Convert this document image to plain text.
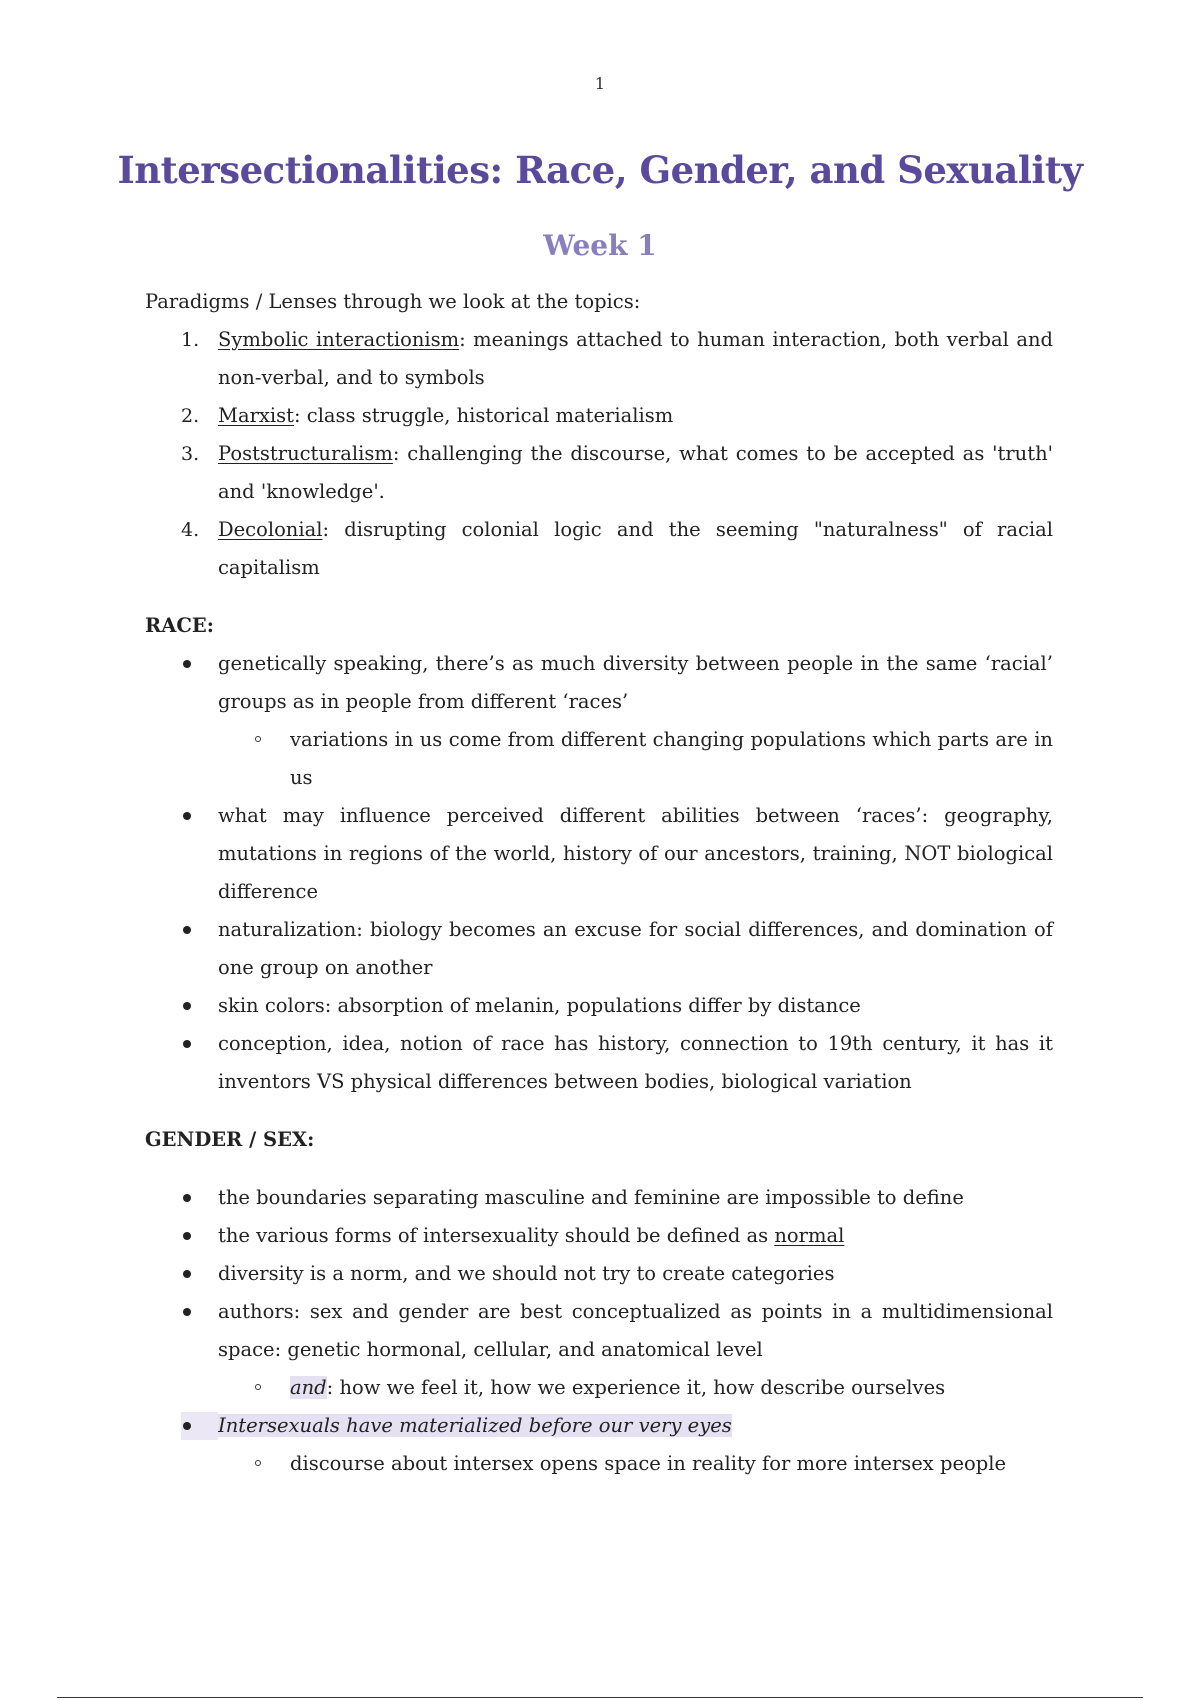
1
Intersectionalities: Race, Gender, and Sexuality
Week 1

Paradigms / Lenses through we look at the topics:

1. Symbolic interactionism: meanings attached to human interaction, both verbal and non-verbal, and to symbols
2. Marxist: class struggle, historical materialism
3. Poststructuralism: challenging the discourse, what comes to be accepted as 'truth' and 'knowledge'.
4. Decolonial: disrupting colonial logic and the seeming "naturalness" of racial capitalism

RACE:

genetically speaking, there’s as much diversity between people in the same ‘racial’ groups as in people from different ‘races’
variations in us come from different changing populations which parts are in us
what may influence perceived different abilities between ‘races’: geography, mutations in regions of the world, history of our ancestors, training, NOT biological difference
naturalization: biology becomes an excuse for social differences, and domination of one group on another
skin colors: absorption of melanin, populations differ by distance
conception, idea, notion of race has history, connection to 19th century, it has it inventors VS physical differences between bodies, biological variation

GENDER / SEX:

the boundaries separating masculine and feminine are impossible to define
the various forms of intersexuality should be defined as normal
diversity is a norm, and we should not try to create categories
authors: sex and gender are best conceptualized as points in a multidimensional space: genetic hormonal, cellular, and anatomical level
and: how we feel it, how we experience it, how describe ourselves
Intersexuals have materialized before our very eyes
discourse about intersex opens space in reality for more intersex people
